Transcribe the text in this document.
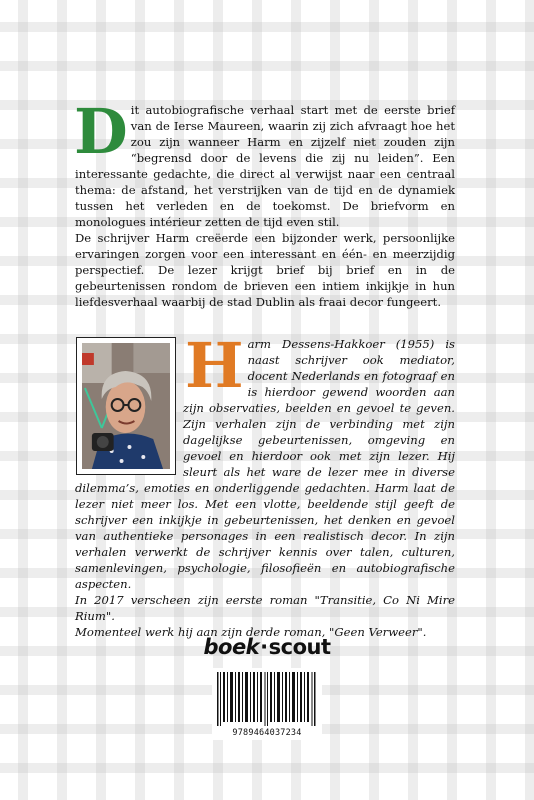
D it autobiografische verhaal start met de eerste brief van de Ierse Maureen, waarin zij zich afvraagt hoe het zou zijn wanneer Harm en zijzelf niet zouden zijn “begrensd door de levens die zij nu leiden”. Een interessante gedachte, die direct al verwijst naar een centraal thema: de afstand, het verstrijken van de tijd en de dynamiek tussen het verleden en de toekomst. De briefvorm en monologues intérieur zetten de tijd even stil.

De schrijver Harm creëerde een bijzonder werk, persoonlijke ervaringen zorgen voor een interessant en één- en meerzijdig perspectief. De lezer krijgt brief bij brief en in de gebeurtenissen rondom de brieven een intiem inkijkje in hun liefdesverhaal waarbij de stad Dublin als fraai decor fungeert.

H arm Dessens-Hakkoer (1955) is naast schrijver ook mediator, docent Nederlands en fotograaf en is hierdoor gewend woorden aan zijn observaties, beelden en gevoel te geven. Zijn verhalen zijn de verbinding met zijn dagelijkse gebeurtenissen, omgeving en gevoel en hierdoor ook met zijn lezer. Hij sleurt als het ware de lezer mee in diverse dilemma’s, emoties en onderliggende gedachten. Harm laat de lezer niet meer los. Met een vlotte, beeldende stijl geeft de schrijver een inkijkje in gebeurtenissen, het denken en gevoel van authentieke personages in een realistisch decor. In zijn verhalen verwerkt de schrijver kennis over talen, culturen, samenlevingen, psychologie, filosofieën en autobiografische aspecten.

In 2017 verscheen zijn eerste roman "Transitie, Co Ni Mire Rium".

Momenteel werk hij aan zijn derde roman, "Geen Verweer".

boek·scout
9789464037234
